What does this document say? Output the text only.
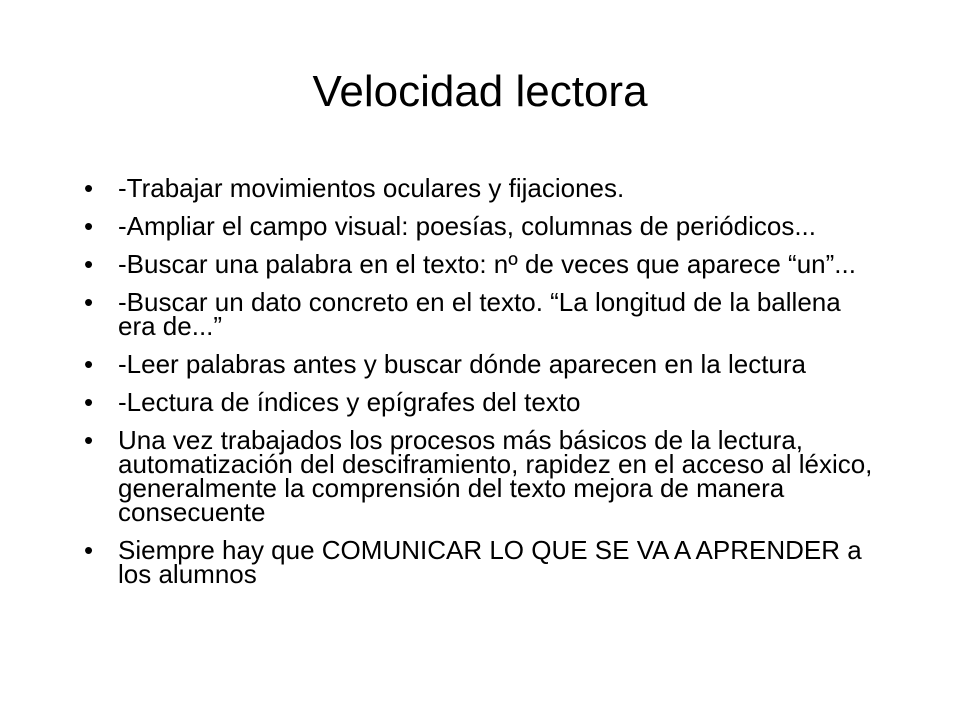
Velocidad lectora
• -Trabajar movimientos oculares y fijaciones.
• -Ampliar el campo visual: poesías, columnas de periódicos...
• -Buscar una palabra en el texto: nº de veces que aparece “un”...
• -Buscar un dato concreto en el texto. “La longitud de la ballena era de...”
• -Leer palabras antes y buscar dónde aparecen en la lectura
• -Lectura de índices y epígrafes del texto
• Una vez trabajados los procesos más básicos de la lectura, automatización del desciframiento, rapidez en el acceso al léxico, generalmente la comprensión del texto mejora de manera consecuente
• Siempre hay que COMUNICAR LO QUE SE VA A APRENDER a los alumnos
